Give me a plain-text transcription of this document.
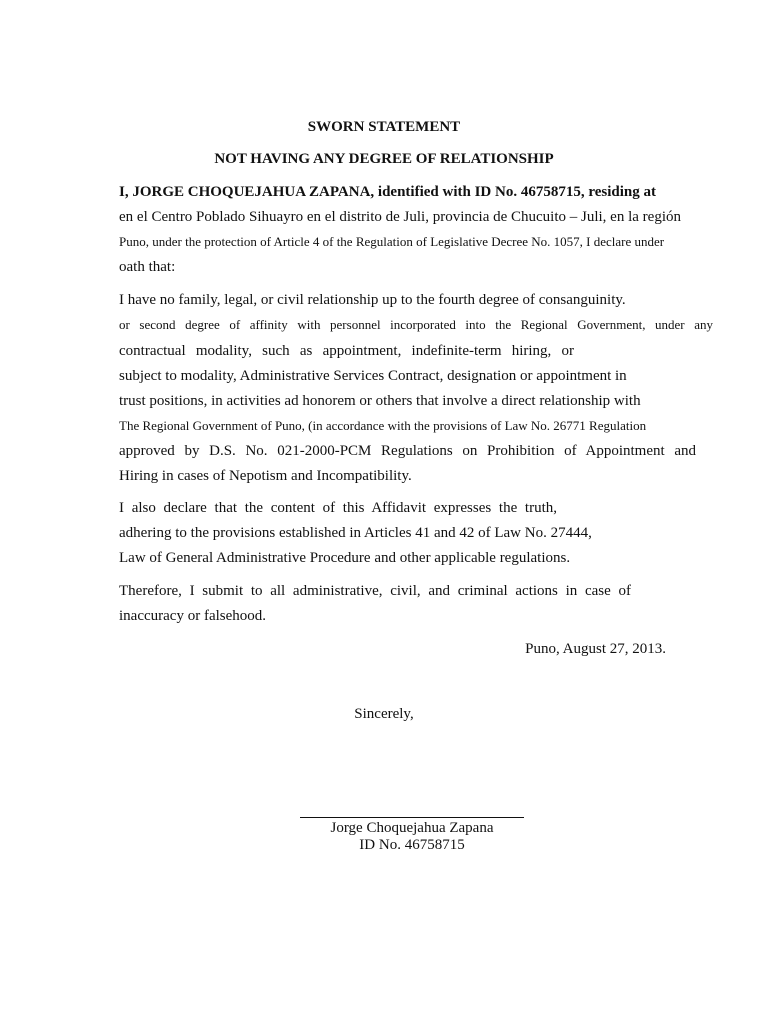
SWORN STATEMENT
NOT HAVING ANY DEGREE OF RELATIONSHIP
I, JORGE CHOQUEJAHUA ZAPANA, identified with ID No. 46758715, residing at
en el Centro Poblado Sihuayro en el distrito de Juli, provincia de Chucuito – Juli, en la región
Puno, under the protection of Article 4 of the Regulation of Legislative Decree No. 1057, I declare under
oath that:
I have no family, legal, or civil relationship up to the fourth degree of consanguinity.
or second degree of affinity with personnel incorporated into the Regional Government, under any
contractual modality, such as appointment, indefinite-term hiring, or
subject to modality, Administrative Services Contract, designation or appointment in
trust positions, in activities ad honorem or others that involve a direct relationship with
The Regional Government of Puno, (in accordance with the provisions of Law No. 26771 Regulation
approved by D.S. No. 021-2000-PCM Regulations on Prohibition of Appointment and
Hiring in cases of Nepotism and Incompatibility.
I also declare that the content of this Affidavit expresses the truth,
adhering to the provisions established in Articles 41 and 42 of Law No. 27444,
Law of General Administrative Procedure and other applicable regulations.
Therefore, I submit to all administrative, civil, and criminal actions in case of
inaccuracy or falsehood.
Puno, August 27, 2013.
Sincerely,
Jorge Choquejahua Zapana
ID No. 46758715
